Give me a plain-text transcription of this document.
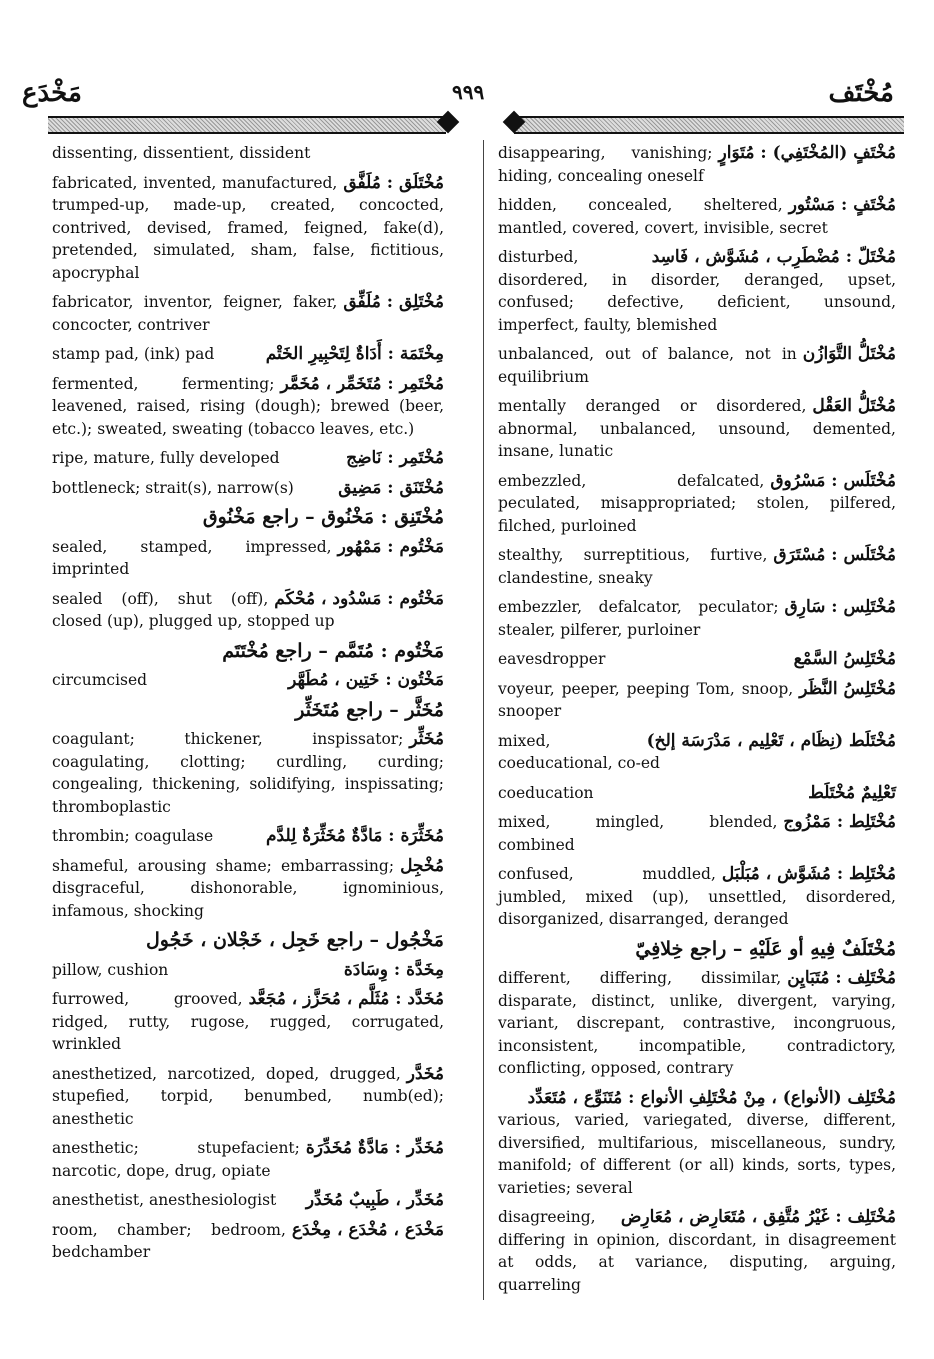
مُخْتَف
٩٩٩
مَخْدَع
dissenting, dissentient, dissident
مُخْتَلَق : مُلَفَّق
fabricated, invented, manufactured, trumped-up, made-up, created, concocted, contrived, devised, framed, feigned, fake(d), pretended, simulated, sham, false, fictitious, apocryphal
مُخْتَلِق : مُلَفِّق
fabricator, inventor, feigner, faker, concocter, contriver
مِخْتَمَة : أَدَاةٌ لِتَحْبِيرِ الخَتْم
stamp pad, (ink) pad
مُخْتَمِر : مُتَخَمِّر ، مُخَمَّر
fermented, fermenting; leavened, raised, rising (dough); brewed (beer, etc.); sweated, sweating (tobacco leaves, etc.)
مُخْتَمِر : نَاضِج
ripe, mature, fully developed
مُخْتَنَق : مَضِيق
bottleneck; strait(s), narrow(s)
مُخْتَنِق : مَخْنُوق – راجع مَخْنُوق
مَخْتُوم : مَمْهُور
sealed, stamped, impressed, imprinted
مَخْتُوم : مَسْدُود ، مُحْكَم
sealed (off), shut (off), closed (up), plugged up, stopped up
مَخْتُوم : مُتَمَّم – راجع مُخْتَتَم
مَخْتُون : خَتِين ، مُطَهَّر
circumcised
مُخَثَّر – راجع مُتَخَثِّر
مُخَثِّر
coagulant; thickener, inspissator; coagulating, clotting; curdling, curding; congealing, thickening, solidifying, inspissating; thromboplastic
مُخَثِّرَة : مَادَّةٌ مُخَثِّرَةٌ لِلدَّم
thrombin; coagulase
مُخْجِل
shameful, arousing shame; embarrassing; disgraceful, dishonorable, ignominious, infamous, shocking
مَخْجُول – راجع خَجِل ، خَجْلان ، خَجُول
مِخَدَّة : وِسَادَة
pillow, cushion
مُخَدَّد : مُثَلَّم ، مُحَزَّز ، مُجَعَّد
furrowed, grooved, ridged, rutty, rugose, rugged, corrugated, wrinkled
مُخَدَّر
anesthetized, narcotized, doped, drugged, stupefied, torpid, benumbed, numb(ed); anesthetic
مُخَدِّر : مَادَّةٌ مُخَدِّرَة
anesthetic; stupefacient; narcotic, dope, drug, opiate
مُخَدِّر ، طَبِيبٌ مُخَدِّر
anesthetist, anesthesiologist
مَخْدَع ، مُخْدَع ، مِخْدَع
room, chamber; bedroom, bedchamber
مُخْتَفٍ (المُخْتَفِي) : مُتَوَارٍ
disappearing, vanishing; hiding, concealing oneself
مُخْتَفٍ : مَسْتُور
hidden, concealed, sheltered, mantled, covered, covert, invisible, secret
مُخْتَلّ : مُضْطَرِب ، مُشَوَّش ، فَاسِد
disturbed, disordered, in disorder, deranged, upset, confused; defective, deficient, unsound, imperfect, faulty, blemished
مُخْتَلُّ التَّوَازُن
unbalanced, out of balance, not in equilibrium
مُخْتَلُّ العَقْل
mentally deranged or disordered, abnormal, unbalanced, unsound, demented, insane, lunatic
مُخْتَلَس : مَسْرُوق
embezzled, defalcated, peculated, misappropriated; stolen, pilfered, filched, purloined
مُخْتَلَس : مُسْتَرَق
stealthy, surreptitious, furtive, clandestine, sneaky
مُخْتَلِس : سَارِق
embezzler, defalcator, peculator; stealer, pilferer, purloiner
مُخْتَلِسُ السَّمْع
eavesdropper
مُخْتَلِسُ النَّظَر
voyeur, peeper, peeping Tom, snoop, snooper
مُخْتَلَط (نِظَام ، تَعْلِيم ، مَدْرَسَة إلخ)
mixed, coeducational, co-ed
تَعْلِيمٌ مُخْتَلَط
coeducation
مُخْتَلِط : مَمْزُوج
mixed, mingled, blended, combined
مُخْتَلِط : مُشَوَّش ، مُبَلْبَل
confused, muddled, jumbled, mixed (up), unsettled, disordered, disorganized, disarranged, deranged
مُخْتَلَفٌ فِيهِ أو عَلَيْهِ – راجع خِلافِيّ
مُخْتَلِف : مُتَبَايِن
different, differing, dissimilar, disparate, distinct, unlike, divergent, varying, variant, discrepant, contrastive, incongruous, inconsistent, incompatible, contradictory, conflicting, opposed, contrary
مُخْتَلِف (الأنواع) ، مِنْ مُخْتَلِفِ الأنواع : مُتَنَوِّع ، مُتَعَدِّد
various, varied, variegated, diverse, different, diversified, multifarious, miscellaneous, sundry, manifold; of different (or all) kinds, sorts, types, varieties; several
مُخْتَلِف : غَيْرُ مُتَّفِق ، مُتَعَارِض ، مُعَارِض
disagreeing, differing in opinion, discordant, in disagreement at odds, at variance, disputing, arguing, quarreling
